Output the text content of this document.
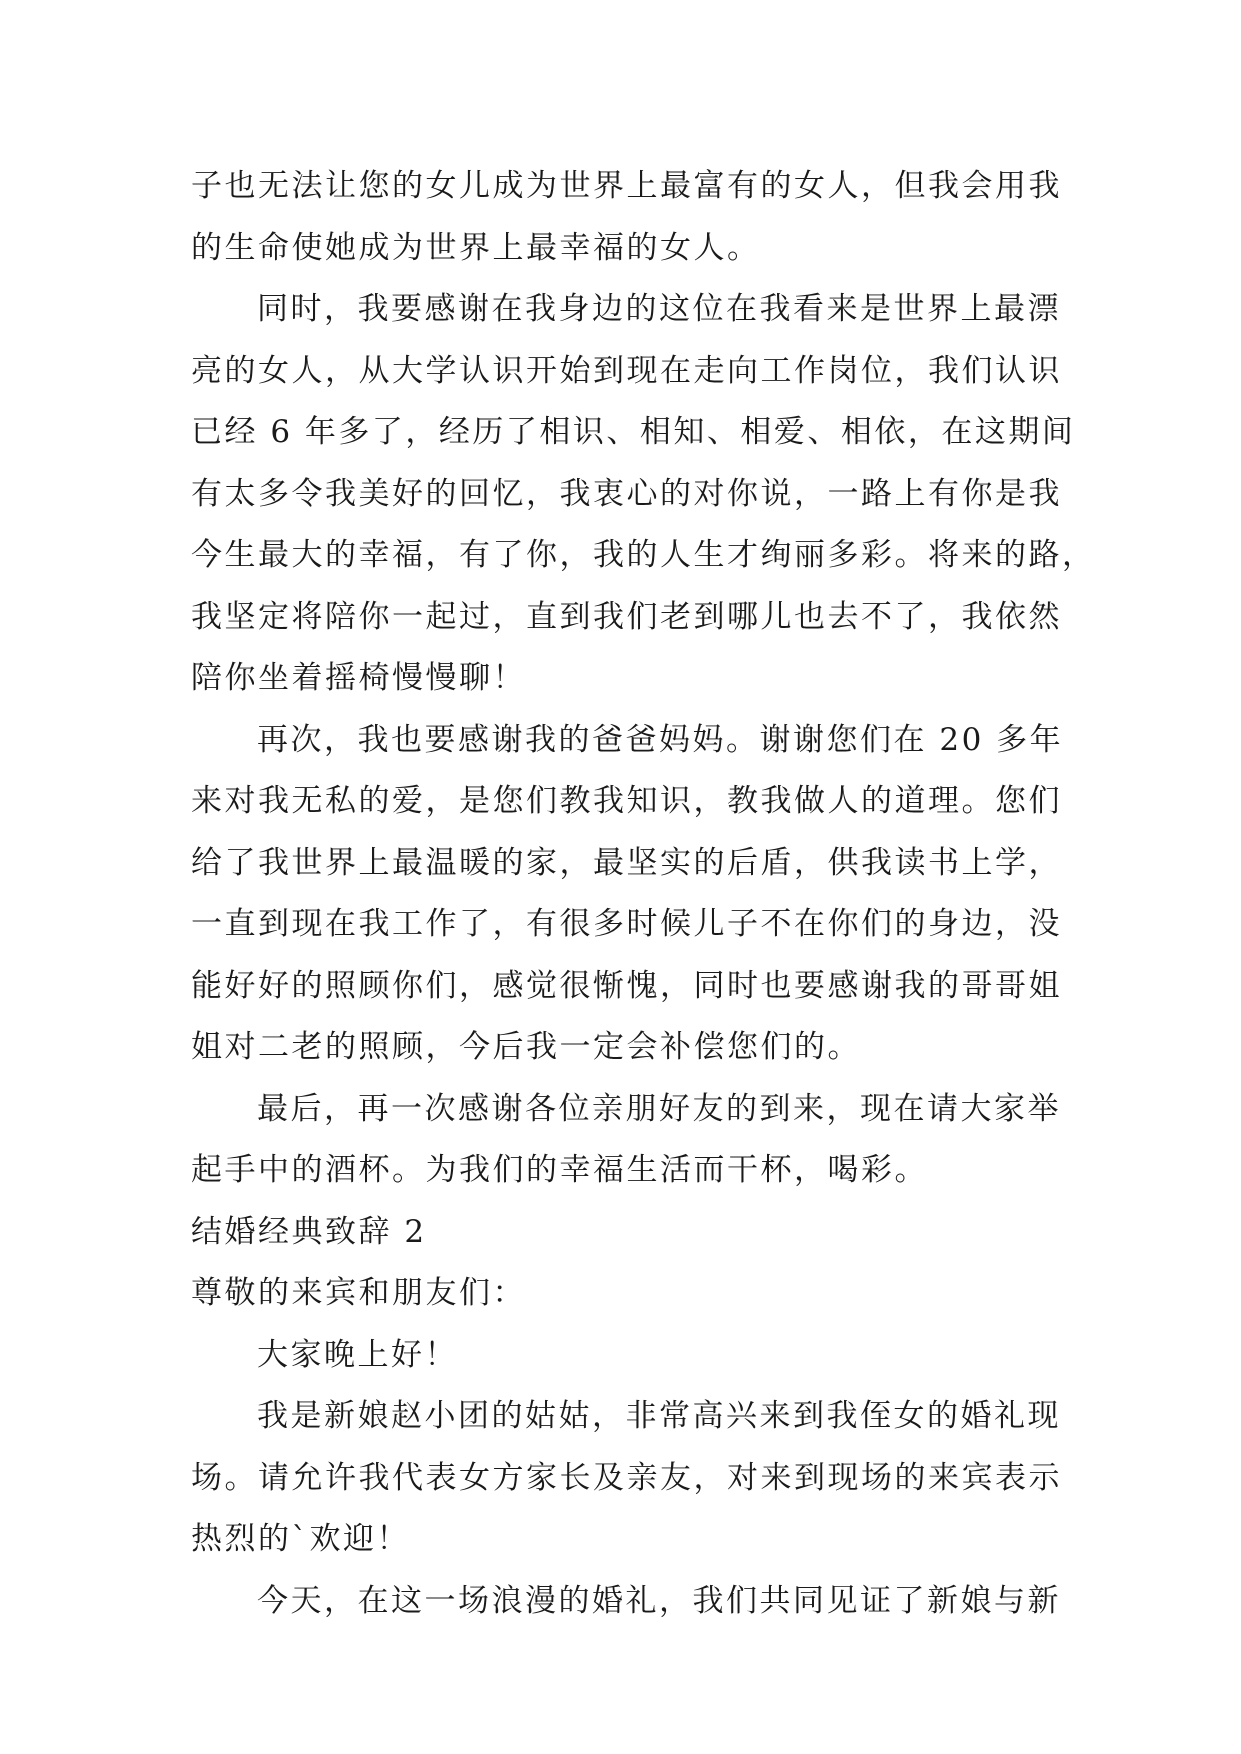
子也无法让您的女儿成为世界上最富有的女人，但我会用我
的生命使她成为世界上最幸福的女人。
同时，我要感谢在我身边的这位在我看来是世界上最漂
亮的女人，从大学认识开始到现在走向工作岗位，我们认识
已经 6 年多了，经历了相识、相知、相爱、相依，在这期间
有太多令我美好的回忆，我衷心的对你说，一路上有你是我
今生最大的幸福，有了你，我的人生才绚丽多彩。将来的路，
我坚定将陪你一起过，直到我们老到哪儿也去不了，我依然
陪你坐着摇椅慢慢聊！
再次，我也要感谢我的爸爸妈妈。谢谢您们在 20 多年
来对我无私的爱，是您们教我知识，教我做人的道理。您们
给了我世界上最温暖的家，最坚实的后盾，供我读书上学，
一直到现在我工作了，有很多时候儿子不在你们的身边，没
能好好的照顾你们，感觉很惭愧，同时也要感谢我的哥哥姐
姐对二老的照顾，今后我一定会补偿您们的。
最后，再一次感谢各位亲朋好友的到来，现在请大家举
起手中的酒杯。为我们的幸福生活而干杯，喝彩。
结婚经典致辞 2
尊敬的来宾和朋友们：
大家晚上好！
我是新娘赵小团的姑姑，非常高兴来到我侄女的婚礼现
场。请允许我代表女方家长及亲友，对来到现场的来宾表示
热烈的`欢迎！
今天，在这一场浪漫的婚礼，我们共同见证了新娘与新
